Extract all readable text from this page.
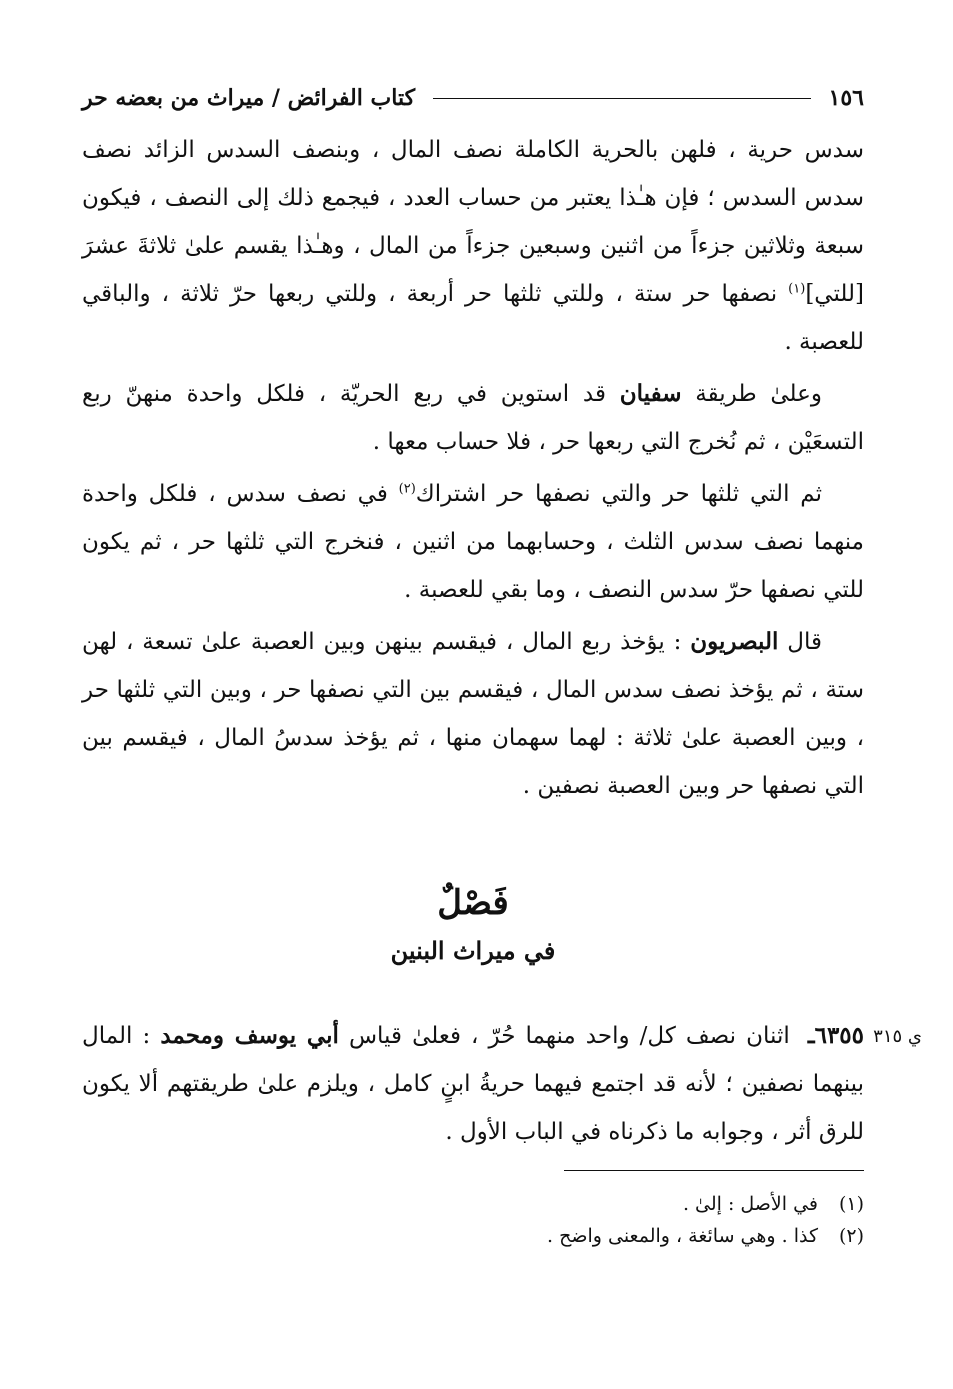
١٥٦
كتاب الفرائض / ميراث من بعضه حر

سدس حرية ، فلهن بالحرية الكاملة نصف المال ، وبنصف السدس الزائد نصف سدس السدس ؛ فإن هـٰذا يعتبر من حساب العدد ، فيجمع ذلك إلى النصف ، فيكون سبعة وثلاثين جزءاً من اثنين وسبعين جزءاً من المال ، وهـٰذا يقسم علىٰ ثلاثةَ عشرَ [للتي]$^{(١)}$ نصفها حر ستة ، وللتي ثلثها حر أربعة ، وللتي ربعها حرّ ثلاثة ، والباقي للعصبة .

وعلىٰ طريقة سفيان قد استوين في ربع الحريّة ، فلكل واحدة منهنّ ربع التسعَيْن ، ثم نُخرج التي ربعها حر ، فلا حساب معها .

ثم التي ثلثها حر والتي نصفها حر اشتراك$^{(٢)}$ في نصف سدس ، فلكل واحدة منهما نصف سدس الثلث ، وحسابهما من اثنين ، فنخرج التي ثلثها حر ، ثم يكون للتي نصفها حرّ سدس النصف ، وما بقي للعصبة .

قال البصريون : يؤخذ ربع المال ، فيقسم بينهن وبين العصبة علىٰ تسعة ، لهن ستة ، ثم يؤخذ نصف سدس المال ، فيقسم بين التي نصفها حر ، وبين التي ثلثها حر ، وبين العصبة علىٰ ثلاثة : لهما سهمان منها ، ثم يؤخذ سدسُ المال ، فيقسم بين التي نصفها حر وبين العصبة نصفين .

فَصْلٌ
في ميراث البنين

٦٣٥٥ـ اثنان نصف كل/ واحد منهما حُرّ ، فعلىٰ قياس أبي يوسف ومحمد : المال بينهما نصفين ؛ لأنه قد اجتمع فيهما حريةُ ابنٍ كامل ، ويلزم علىٰ طريقتهم ألا يكون للرق أثر ، وجوابه ما ذكرناه في الباب الأول .

ي ٣١٥
(١)
في الأصل : إلىٰ .
(٢)
كذا . وهي سائغة ، والمعنى واضح .
